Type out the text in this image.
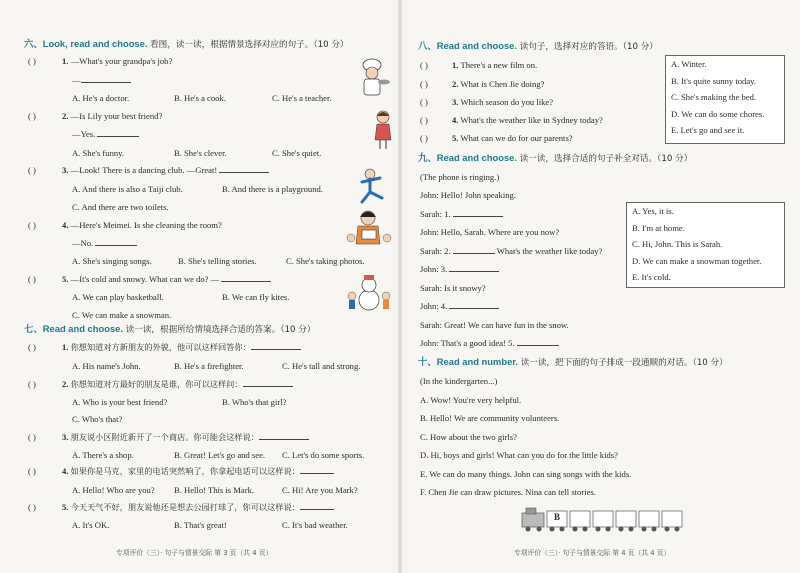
六、Look, read and choose. 看图，读一读，根据情景选择对应的句子。（10 分）
( )	1. —What's your grandpa's job?
—
A. He's a doctor.	B. He's a cook.	C. He's a teacher.
( )	2. —Is Lily your best friend?
—Yes.
A. She's funny.	B. She's clever.	C. She's quiet.
( )	3. —Look! There is a dancing club. —Great!
A. And there is also a Taiji club.	B. And there is a playground.
C. And there are two toilets.
( )	4. —Here's Meimei. Is she cleaning the room?
—No.
A. She's singing songs.	B. She's telling stories.	C. She's taking photos.
( )	5. —It's cold and snowy. What can we do? —
A. We can play basketball.	B. We can fly kites.
C. We can make a snowman.
七、Read and choose. 读一读，根据所给情境选择合适的答案。（10 分）
( )	1. 你想知道对方新朋友的外貌，他可以这样回答你：
A. His name's John.	B. He's a firefighter.	C. He's tall and strong.
( )	2. 你想知道对方最好的朋友是谁，你可以这样问：
A. Who is your best friend?	B. Who's that girl?
C. Who's that?
( )	3. 朋友说小区附近新开了一个商店。你可能会这样说：
A. There's a shop.	B. Great! Let's go and see. C. Let's do some sports.
( )	4. 如果你是马克，家里的电话突然响了，你拿起电话可以这样说：
A. Hello! Who are you? B. Hello! This is Mark.	C. Hi! Are you Mark?
( )	5. 今天天气不好，朋友说他还是想去公园打球了，你可以这样说：
A. It's OK.	B. That's great!	C. It's bad weather.
专项评价（三）· 句子与情景交际 第 3 页（共 4 页）
八、Read and choose. 读句子，选择对应的答语。（10 分）
( )	1. There's a new film on.
( )	2. What is Chen Jie doing?
( )	3. Which season do you like?
( )	4. What's the weather like in Sydney today?
( )	5. What can we do for our parents?
A. Winter.
B. It's quite sunny today.
C. She's making the bed.
D. We can do some chores.
E. Let's go and see it.
九、Read and choose. 读一读，选择合适的句子补全对话。（10 分）
(The phone is ringing.)
John: Hello! John speaking.
Sarah: 1.
John: Hello, Sarah. Where are you now?
Sarah: 2.	What's the weather like today?
John: 3.
Sarah: Is it snowy?
John: 4.
Sarah: Great! We can have fun in the snow.
John: That's a good idea! 5.
A. Yes, it is.
B. I'm at home.
C. Hi, John. This is Sarah.
D. We can make a snowman together.
E. It's cold.
十、Read and number. 读一读，把下面的句子排成一段通顺的对话。（10 分）
(In the kindergarten...)
A. Wow! You're very helpful.
B. Hello! We are community volunteers.
C. How about the two girls?
D. Hi, boys and girls! What can you do for the little kids?
E. We can do many things. John can sing songs with the kids.
F. Chen Jie can draw pictures. Nina can tell stories.
B
专项评价（三）· 句子与情景交际 第 4 页（共 4 页）
